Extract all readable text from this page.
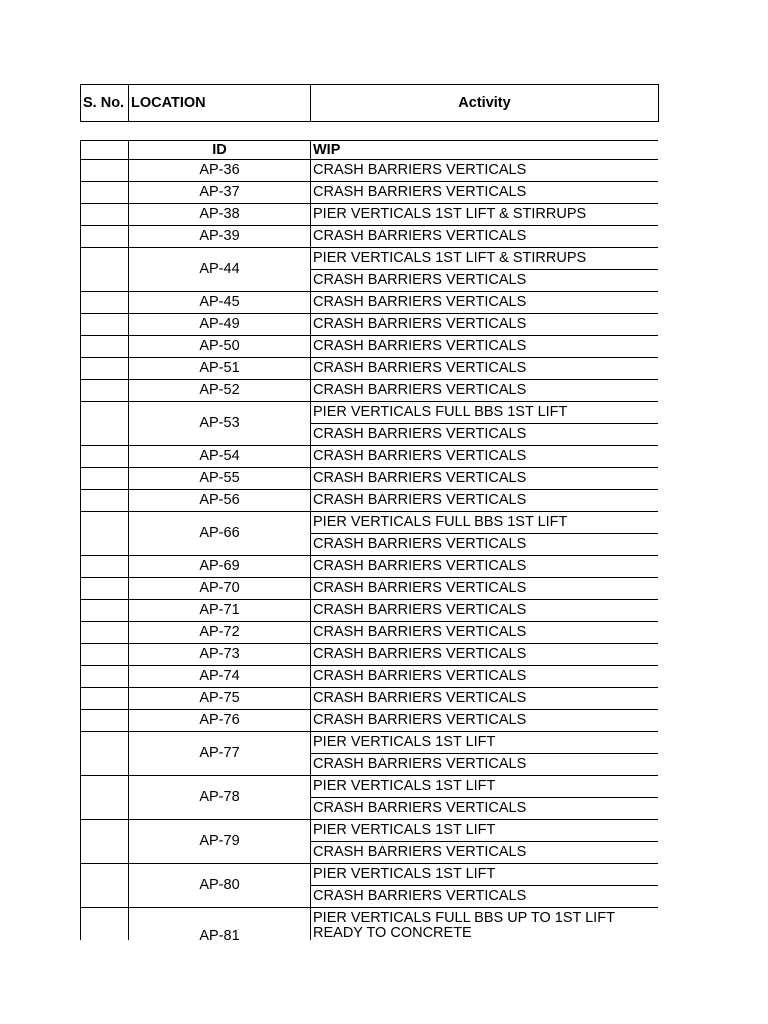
S. No.	LOCATION	Activity
	ID	WIP
	AP-36	CRASH BARRIERS VERTICALS
	AP-37	CRASH BARRIERS VERTICALS
	AP-38	PIER VERTICALS 1ST LIFT & STIRRUPS
	AP-39	CRASH BARRIERS VERTICALS
	AP-44	PIER VERTICALS 1ST LIFT & STIRRUPS
		CRASH BARRIERS VERTICALS
	AP-45	CRASH BARRIERS VERTICALS
	AP-49	CRASH BARRIERS VERTICALS
	AP-50	CRASH BARRIERS VERTICALS
	AP-51	CRASH BARRIERS VERTICALS
	AP-52	CRASH BARRIERS VERTICALS
	AP-53	PIER VERTICALS FULL BBS 1ST LIFT
		CRASH BARRIERS VERTICALS
	AP-54	CRASH BARRIERS VERTICALS
	AP-55	CRASH BARRIERS VERTICALS
	AP-56	CRASH BARRIERS VERTICALS
	AP-66	PIER VERTICALS FULL BBS 1ST LIFT
		CRASH BARRIERS VERTICALS
	AP-69	CRASH BARRIERS VERTICALS
	AP-70	CRASH BARRIERS VERTICALS
	AP-71	CRASH BARRIERS VERTICALS
	AP-72	CRASH BARRIERS VERTICALS
	AP-73	CRASH BARRIERS VERTICALS
	AP-74	CRASH BARRIERS VERTICALS
	AP-75	CRASH BARRIERS VERTICALS
	AP-76	CRASH BARRIERS VERTICALS
	AP-77	PIER VERTICALS 1ST LIFT
		CRASH BARRIERS VERTICALS
	AP-78	PIER VERTICALS 1ST LIFT
		CRASH BARRIERS VERTICALS
	AP-79	PIER VERTICALS 1ST LIFT
		CRASH BARRIERS VERTICALS
	AP-80	PIER VERTICALS 1ST LIFT
		CRASH BARRIERS VERTICALS
	AP-81	PIER VERTICALS FULL BBS UP TO 1ST LIFT READY TO CONCRETE
